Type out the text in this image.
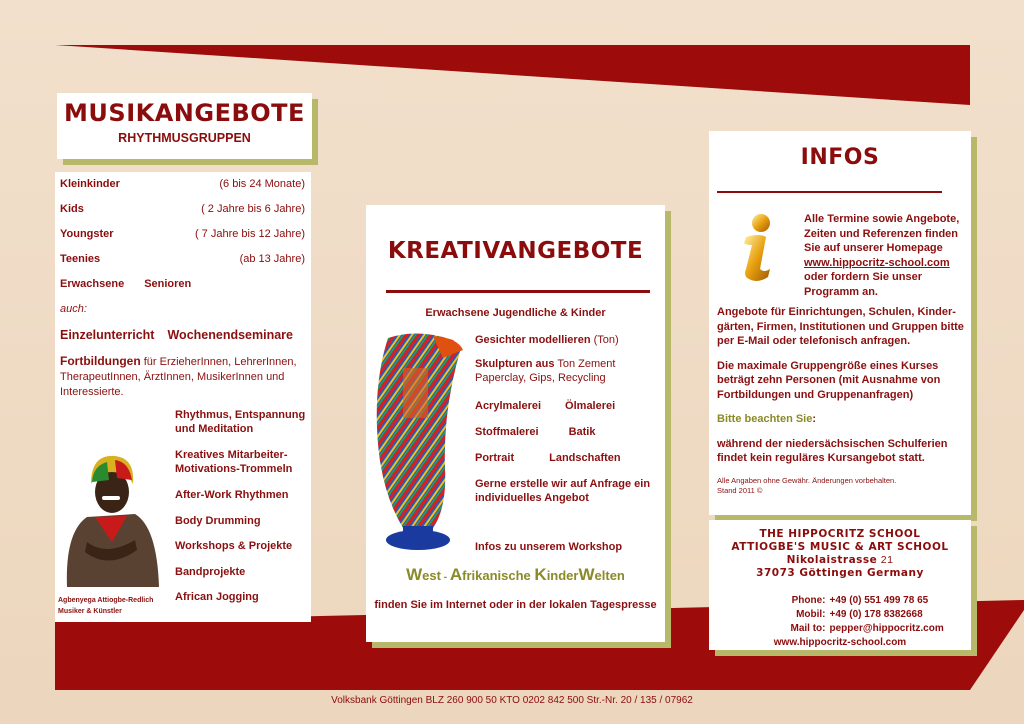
MUSIKANGEBOTE
RHYTHMUSGRUPPEN
Kleinkinder	(6 bis 24 Monate)
Kids	( 2 Jahre bis 6 Jahre)
Youngster	( 7 Jahre bis 12 Jahre)
Teenies	(ab 13 Jahre)
Erwachsene Senioren
auch:
Einzelunterricht Wochenendseminare
Fortbildungen für ErzieherInnen, LehrerInnen, TherapeutInnen, ÄrztInnen, MusikerInnen und Interessierte.
Agbenyega Attiogbe-Redlich
Musiker & Künstler
Rhythmus, Entspannung und Meditation
Kreatives Mitarbeiter-Motivations-Trommeln
After-Work Rhythmen
Body Drumming
Workshops & Projekte
Bandprojekte
African Jogging
KREATIVANGEBOTE
Erwachsene Jugendliche & Kinder
Gesichter modellieren (Ton)
Skulpturen aus Ton Zement Paperclay, Gips, Recycling
Acrylmalerei Ölmalerei
Stoffmalerei	Batik
Portrait	Landschaften
Gerne erstelle wir auf Anfrage ein individuelles Angebot
Infos zu unserem Workshop
West - Afrikanische KinderWelten
finden Sie im Internet oder in der lokalen Tagespresse
INFOS
Alle Termine sowie Angebote, Zeiten und Referenzen finden Sie auf unserer Homepage
www.hippocritz-school.com
oder fordern Sie unser Programm an.

Angebote für Einrichtungen, Schulen, Kinder-gärten, Firmen, Institutionen und Gruppen bitte per E-Mail oder telefonisch anfragen.

Die maximale Gruppengröße eines Kurses beträgt zehn Personen (mit Ausnahme von Fortbildungen und Gruppenanfragen)

Bitte beachten Sie:

während der niedersächsischen Schulferien findet kein reguläres Kursangebot statt.

Alle Angaben ohne Gewähr. Änderungen vorbehalten.
Stand 2011 ©
THE HIPPOCRITZ SCHOOL
ATTIOGBE'S MUSIC & ART SCHOOL
Nikolaistrasse 21
37073 Göttingen Germany
Phone: +49 (0) 551 499 78 65
Mobil: +49 (0) 178 8382668
Mail to: pepper@hippocritz.com
www.hippocritz-school.com
Volksbank Göttingen BLZ 260 900 50 KTO 0202 842 500 Str.-Nr. 20 / 135 / 07962
